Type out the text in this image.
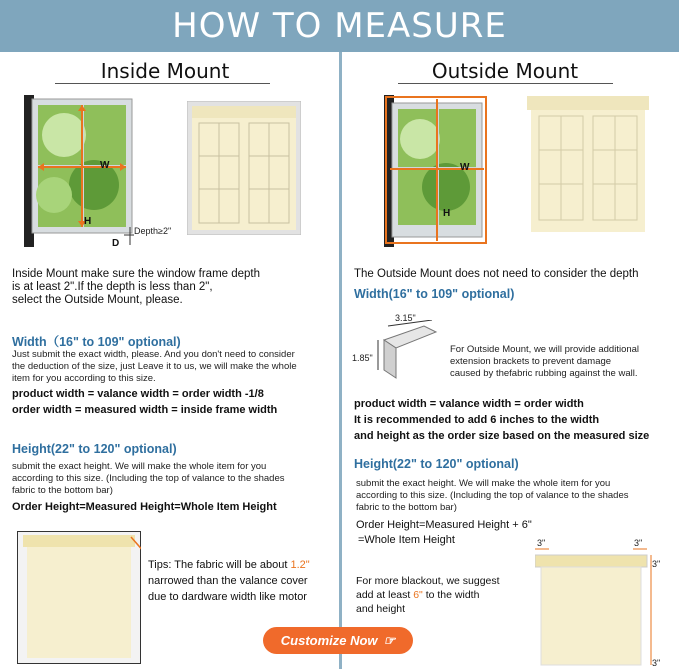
HOW TO MEASURE
Inside Mount
W
H
D
Depth≥2"
Inside Mount make sure the window frame depth
is at least 2".If the depth is less than 2",
select the Outside Mount, please.
Width（16" to 109" optional)
Just submit the exact width, please. And you don't need to consider
the deduction of the size, just Leave it to us, we will make the whole
item for you according to this size.
product width = valance width = order width -1/8
order width = measured width = inside frame width
Height(22" to 120" optional)
submit the exact height. We will make the whole item for you
according to this size. (Including the top of valance to the shades
fabric to the bottom bar)
Order Height=Measured Height=Whole Item Height
Tips: The fabric will be about 1.2"
narrowed than the valance cover
due to dardware width like motor
Outside Mount
W
H
The Outside Mount does not need to consider the depth
Width(16" to 109" optional)
3.15"
1.85"
For Outside Mount, we will provide additional
extension brackets to prevent damage
caused by thefabric rubbing against the wall.
product width = valance width = order width
It is recommended to add 6 inches to the width
and height as the order size based on the measured size
Height(22" to 120" optional)
submit the exact height. We will make the whole item for you
according to this size. (Including the top of valance to the shades
fabric to the bottom bar)
Order Height=Measured Height + 6"
=Whole Item Height
For more blackout, we suggest
add at least 6" to the width
and height
3"	3"
3"
3"
Customize Now ☞
